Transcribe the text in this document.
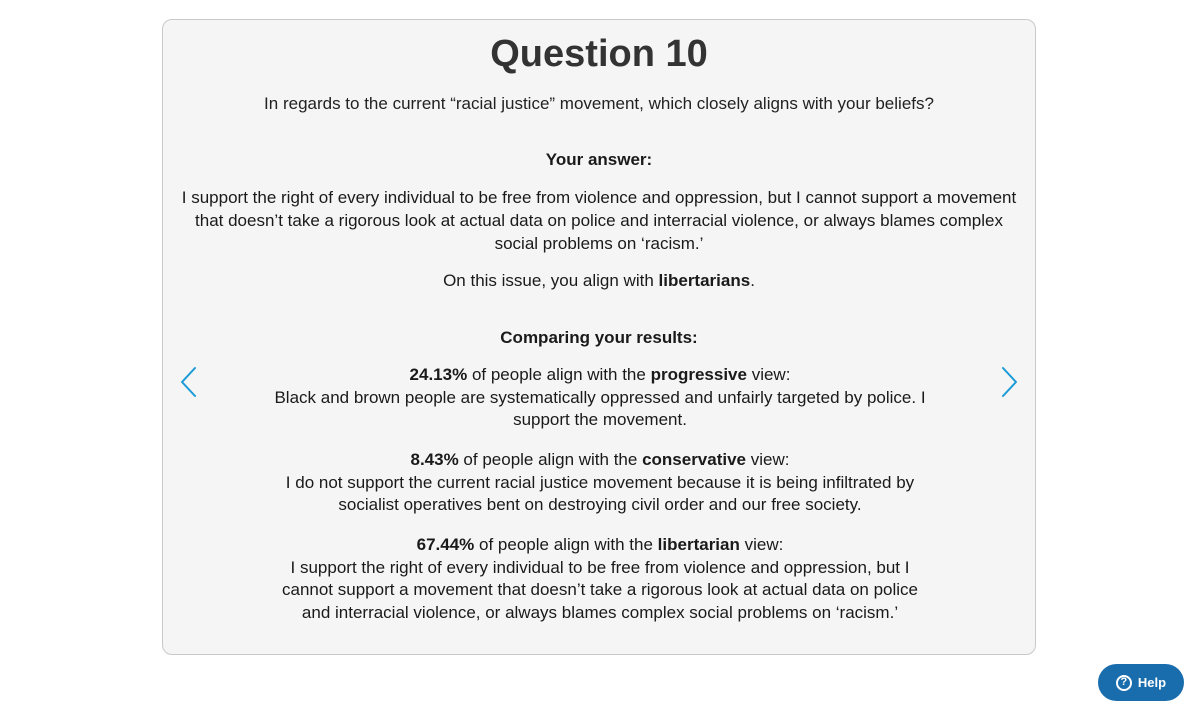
Question 10
In regards to the current “racial justice” movement, which closely aligns with your beliefs?
Your answer:
I support the right of every individual to be free from violence and oppression, but I cannot support a movement that doesn’t take a rigorous look at actual data on police and interracial violence, or always blames complex social problems on ‘racism.’
On this issue, you align with libertarians.
Comparing your results:
24.13% of people align with the progressive view:
Black and brown people are systematically oppressed and unfairly targeted by police. I support the movement.
8.43% of people align with the conservative view:
I do not support the current racial justice movement because it is being infiltrated by socialist operatives bent on destroying civil order and our free society.
67.44% of people align with the libertarian view:
I support the right of every individual to be free from violence and oppression, but I cannot support a movement that doesn’t take a rigorous look at actual data on police and interracial violence, or always blames complex social problems on ‘racism.’
? Help
